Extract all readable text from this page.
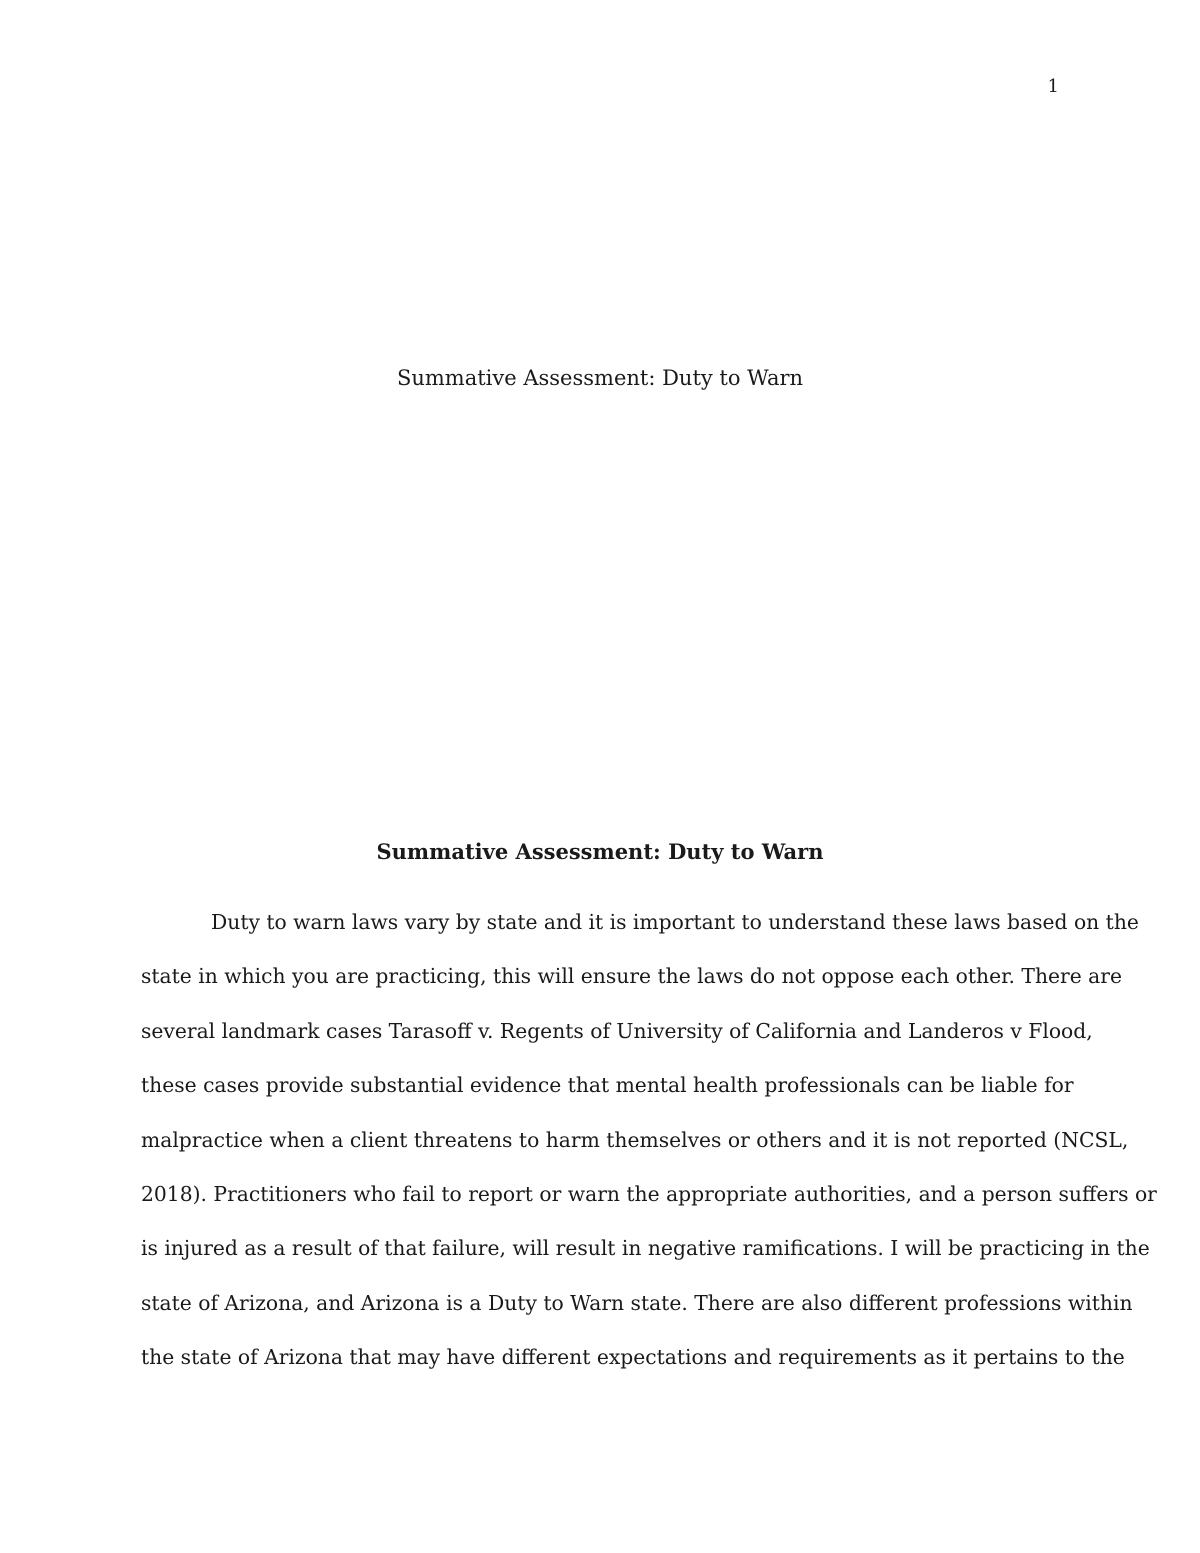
1
Summative Assessment: Duty to Warn
Summative Assessment: Duty to Warn
Duty to warn laws vary by state and it is important to understand these laws based on the
state in which you are practicing, this will ensure the laws do not oppose each other. There are
several landmark cases Tarasoff v. Regents of University of California and Landeros v Flood,
these cases provide substantial evidence that mental health professionals can be liable for
malpractice when a client threatens to harm themselves or others and it is not reported (NCSL,
2018). Practitioners who fail to report or warn the appropriate authorities, and a person suffers or
is injured as a result of that failure, will result in negative ramifications. I will be practicing in the
state of Arizona, and Arizona is a Duty to Warn state. There are also different professions within
the state of Arizona that may have different expectations and requirements as it pertains to the
